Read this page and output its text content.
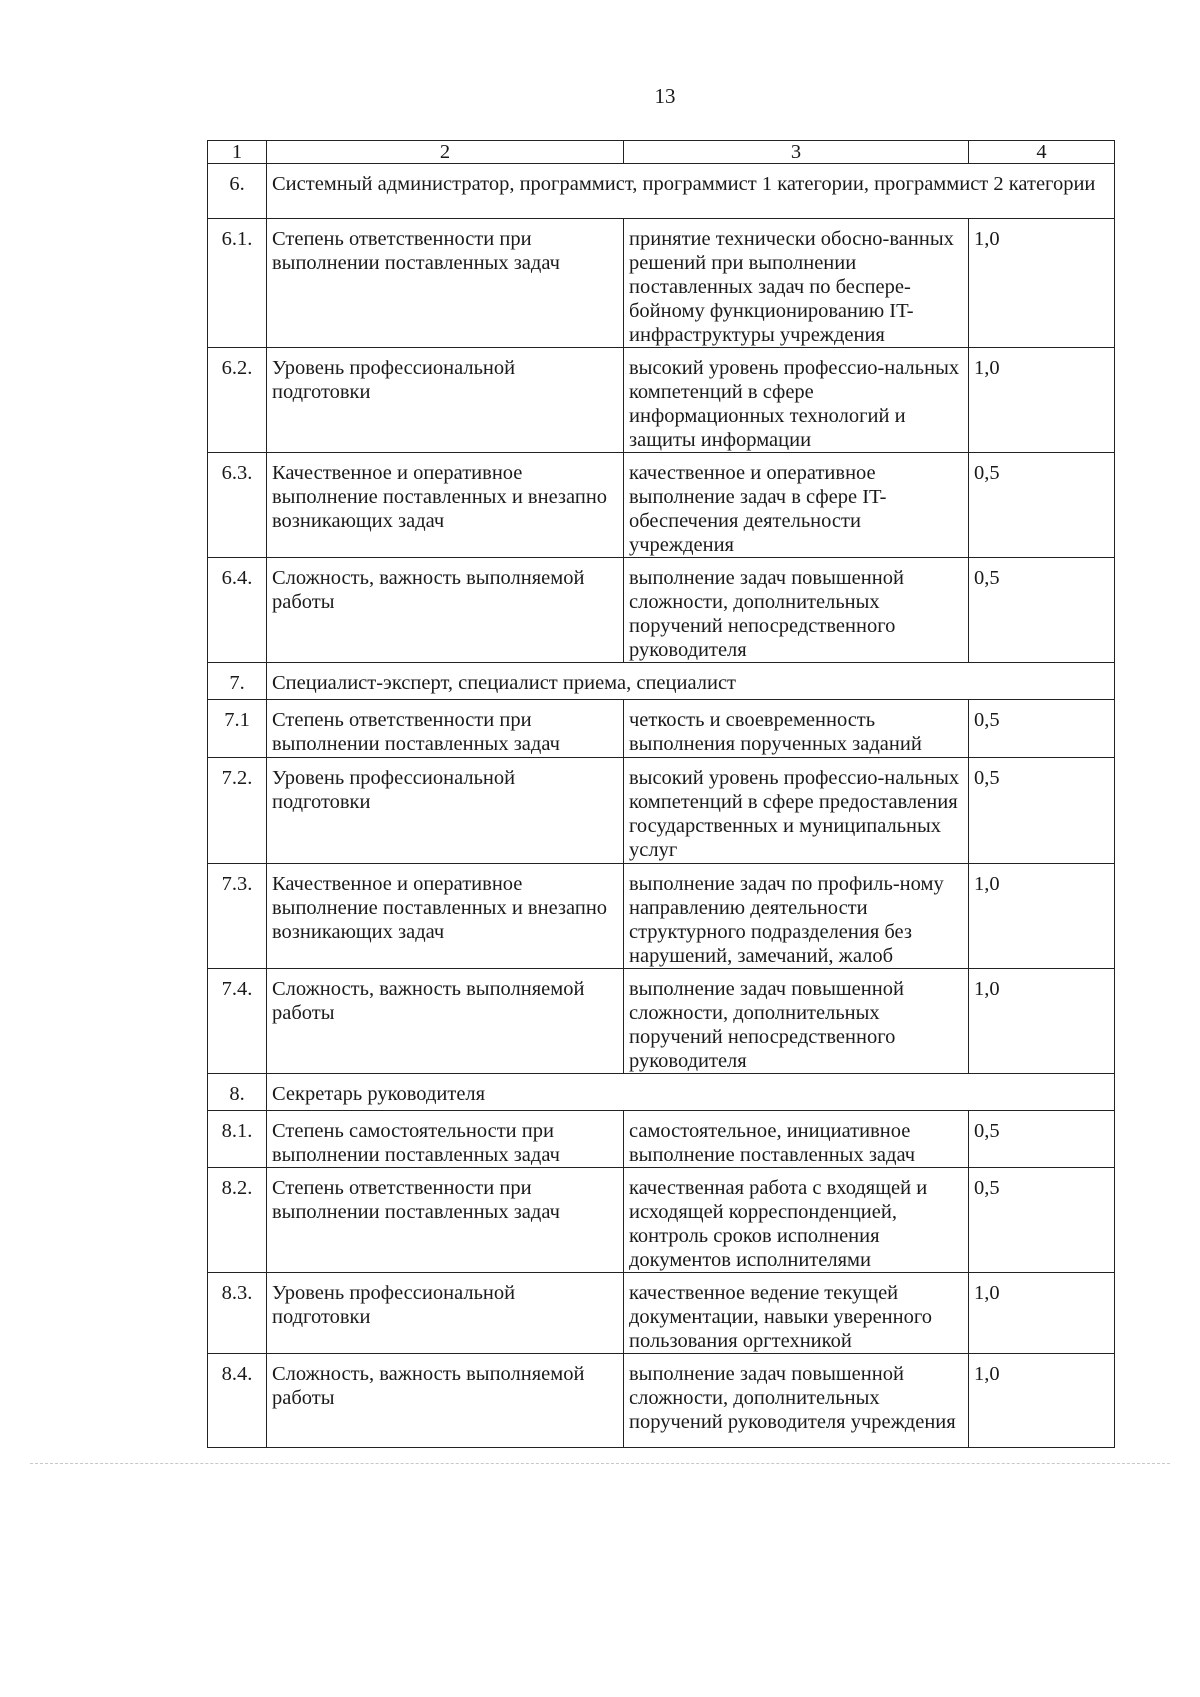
13
1	2	3	4
6.	Системный администратор, программист, программист 1 категории, программист 2 категории		
6.1.	Степень ответственности при выполнении поставленных задач	принятие технически обосно-ванных решений при выполнении поставленных задач по беспере-бойному функционированию IT-инфраструктуры учреждения	1,0
6.2.	Уровень профессиональной подготовки	высокий уровень профессио-нальных компетенций в сфере информационных технологий и защиты информации	1,0
6.3.	Качественное и оперативное выполнение поставленных и внезапно возникающих задач	качественное и оперативное выполнение задач в сфере IT-обеспечения деятельности учреждения	0,5
6.4.	Сложность, важность выполняемой работы	выполнение задач повышенной сложности, дополнительных поручений непосредственного руководителя	0,5
7.	Специалист-эксперт, специалист приема, специалист		
7.1	Степень ответственности при выполнении поставленных задач	четкость и своевременность выполнения порученных заданий	0,5
7.2.	Уровень профессиональной подготовки	высокий уровень профессио-нальных компетенций в сфере предоставления государственных и муниципальных услуг	0,5
7.3.	Качественное и оперативное выполнение поставленных и внезапно возникающих задач	выполнение задач по профиль-ному направлению деятельности структурного подразделения без нарушений, замечаний, жалоб	1,0
7.4.	Сложность, важность выполняемой работы	выполнение задач повышенной сложности, дополнительных поручений непосредственного руководителя	1,0
8.	Секретарь руководителя		
8.1.	Степень самостоятельности при выполнении поставленных задач	самостоятельное, инициативное выполнение поставленных задач	0,5
8.2.	Степень ответственности при выполнении поставленных задач	качественная работа с входящей и исходящей корреспонденцией, контроль сроков исполнения документов исполнителями	0,5
8.3.	Уровень профессиональной подготовки	качественное ведение текущей документации, навыки уверенного пользования оргтехникой	1,0
8.4.	Сложность, важность выполняемой работы	выполнение задач повышенной сложности, дополнительных поручений руководителя учреждения	1,0
